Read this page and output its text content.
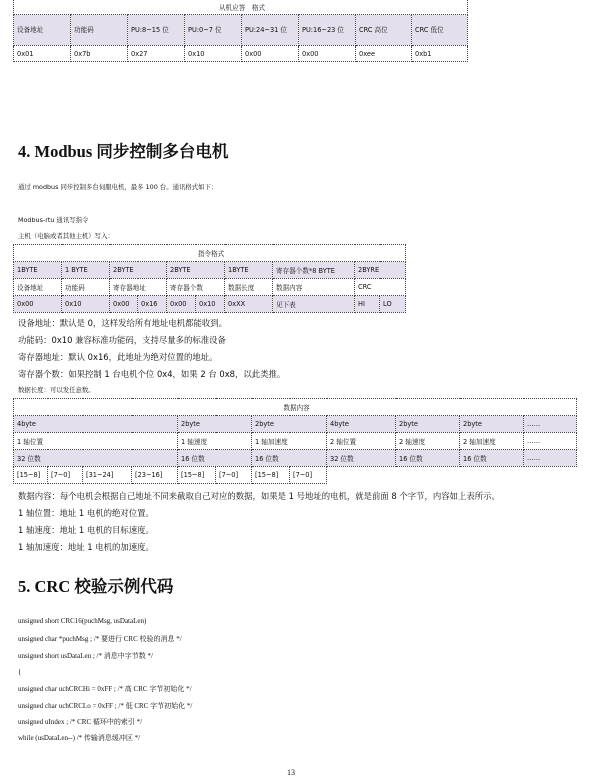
从机应答　格式							
设备地址	功能码	PU:8~15 位	PU:0~7 位	PU:24~31 位	PU:16~23 位	CRC 高位	CRC 低位
0x01	0x7b	0x27	0x10	0x00	0x00	0xee	0xb1
4. Modbus 同步控制多台电机
通过 modbus 同步控制多台伺服电机，最多 100 台。通讯格式如下：
Modbus-rtu 通讯写指令
主机（电脑或者其他主机）写入：
指令格式									
1BYTE	1 BYTE	2BYTE		2BYTE		1BYTE	寄存器个数*8 BYTE	2BYRE	
设备地址	功能码	寄存器地址		寄存器个数		数据长度	数据内容	CRC	
0x00	0x10	0x00	0x16	0x00	0x10	0xXX	见下表	HI	LO
设备地址：默认是 0，这样发给所有地址电机都能收到。
功能码：0x10 兼容标准功能码，支持尽量多的标准设备
寄存器地址：默认 0x16，此地址为绝对位置的地址。
寄存器个数：如果控制 1 台电机个位 0x4，如果 2 台 0x8，以此类推。
数据长度：可以发任意数。
数据内容											
4byte				2byte		2byte		4byte	2byte	2byte	……
1 轴位置				1 轴速度		1 轴加速度		2 轴位置	2 轴速度	2 轴加速度	……
32 位数				16 位数		16 位数		32 位数	16 位数	16 位数	……
[15~8]	[7~0]	[31~24]	[23~16]	[15~8]	[7~0]	[15~8]	[7~0]				
数据内容：每个电机会根据自己地址不同来截取自己对应的数据，如果是 1 号地址的电机，就是前面 8 个字节，内容如上表所示。
1 轴位置：地址 1 电机的绝对位置。
1 轴速度：地址 1 电机的目标速度。
1 轴加速度：地址 1 电机的加速度。
5. CRC 校验示例代码
unsigned short CRC16(puchMsg, usDataLen)
unsigned char *puchMsg ; /* 要进行 CRC 校验的消息 */
unsigned short usDataLen ; /* 消息中字节数 */
{
unsigned char uchCRCHi = 0xFF ; /* 高 CRC 字节初始化 */
unsigned char uchCRCLo = 0xFF ; /* 低 CRC 字节初始化 */
unsigned uIndex ; /* CRC 循环中的索引 */
while (usDataLen--) /* 传输消息缓冲区 */
13
